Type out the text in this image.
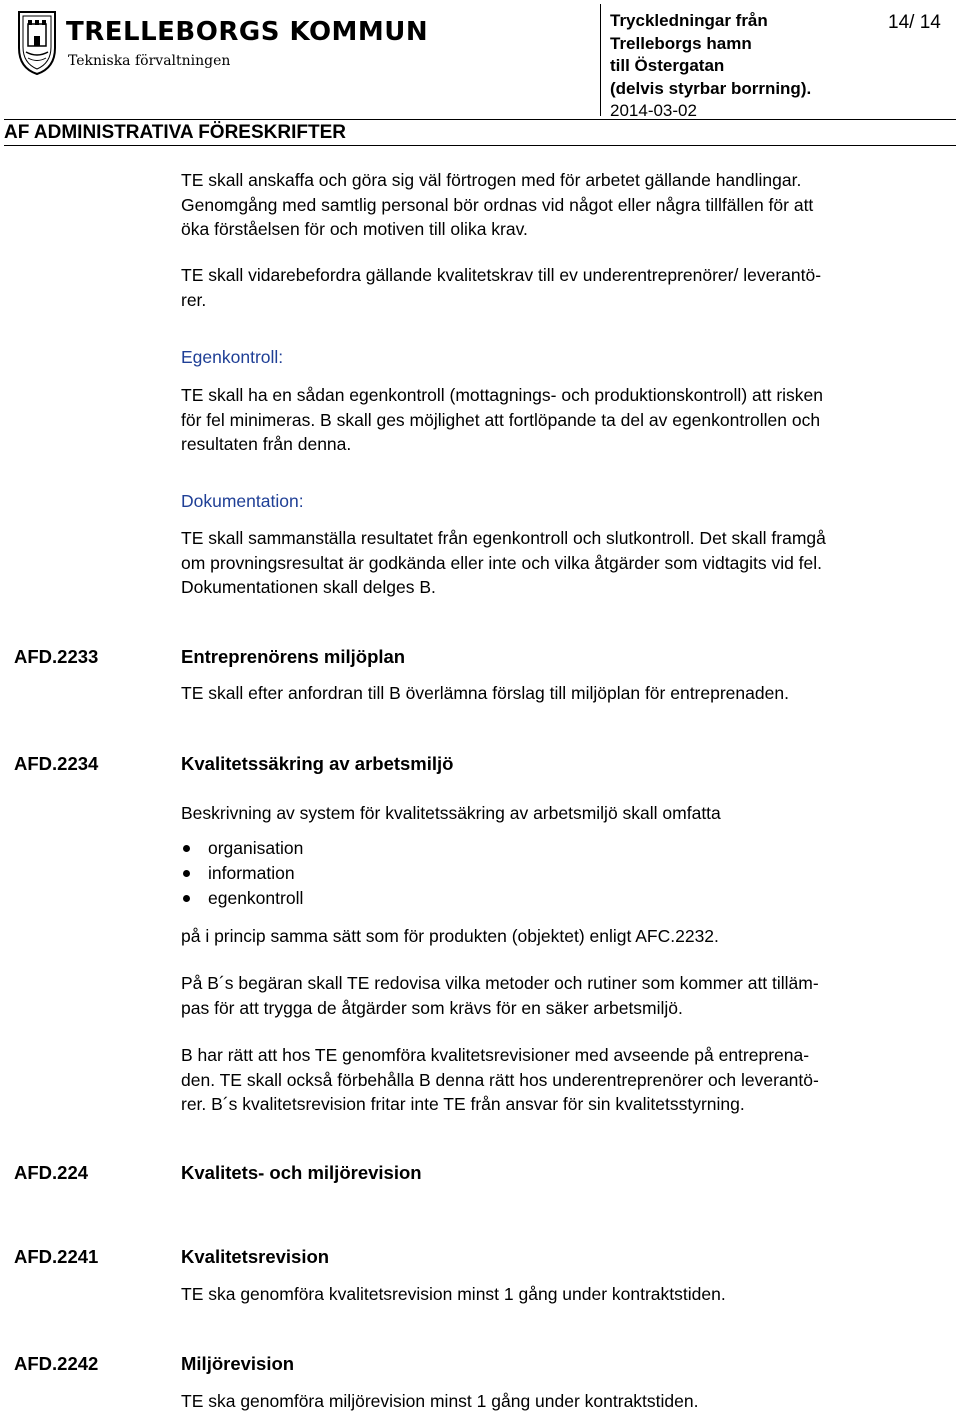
TRELLEBORGS KOMMUN
Tekniska förvaltningen
Tryckledningar från
Trelleborgs hamn
till Östergatan
(delvis styrbar borrning).
2014-03-02
14/ 14
AF ADMINISTRATIVA FÖRESKRIFTER
TE skall anskaffa och göra sig väl förtrogen med för arbetet gällande handlingar.
Genomgång med samtlig personal bör ordnas vid något eller några tillfällen för att
öka förståelsen för och motiven till olika krav.
TE skall vidarebefordra gällande kvalitetskrav till ev underentreprenörer/ leverantö-
rer.
Egenkontroll:
TE skall ha en sådan egenkontroll (mottagnings- och produktionskontroll) att risken
för fel minimeras. B skall ges möjlighet att fortlöpande ta del av egenkontrollen och
resultaten från denna.
Dokumentation:
TE skall sammanställa resultatet från egenkontroll och slutkontroll. Det skall framgå
om provningsresultat är godkända eller inte och vilka åtgärder som vidtagits vid fel.
Dokumentationen skall delges B.
AFD.2233	Entreprenörens miljöplan
TE skall efter anfordran till B överlämna förslag till miljöplan för entreprenaden.
AFD.2234	Kvalitetssäkring av arbetsmiljö
Beskrivning av system för kvalitetssäkring av arbetsmiljö skall omfatta
organisation
information
egenkontroll
på i princip samma sätt som för produkten (objektet) enligt AFC.2232.
På B´s begäran skall TE redovisa vilka metoder och rutiner som kommer att tilläm-
pas för att trygga de åtgärder som krävs för en säker arbetsmiljö.
B har rätt att hos TE genomföra kvalitetsrevisioner med avseende på entreprena-
den. TE skall också förbehålla B denna rätt hos underentreprenörer och leverantö-
rer. B´s kvalitetsrevision fritar inte TE från ansvar för sin kvalitetsstyrning.
AFD.224	Kvalitets- och miljörevision
AFD.2241	Kvalitetsrevision
TE ska genomföra kvalitetsrevision minst 1 gång under kontraktstiden.
AFD.2242	Miljörevision
TE ska genomföra miljörevision minst 1 gång under kontraktstiden.
